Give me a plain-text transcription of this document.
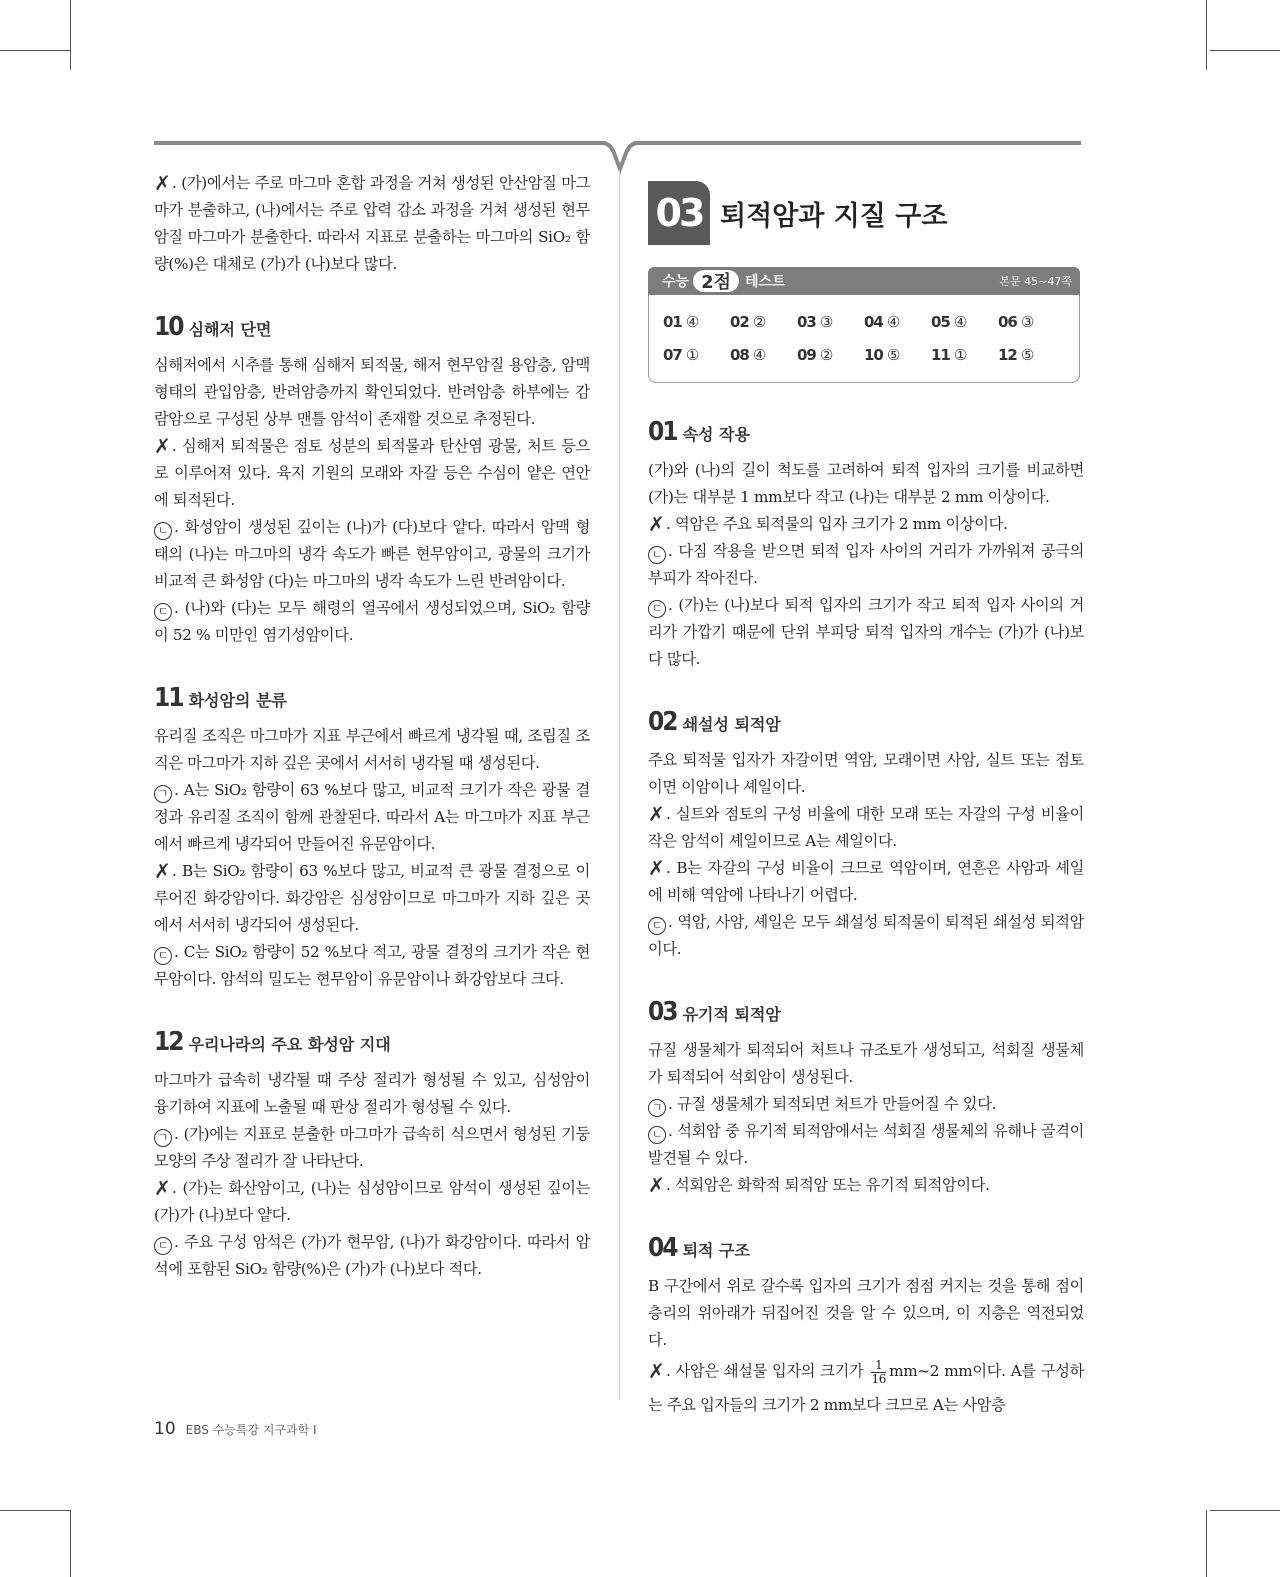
✗ . (가)에서는 주로 마그마 혼합 과정을 거쳐 생성된 안산암질 마그마가 분출하고, (나)에서는 주로 압력 감소 과정을 거쳐 생성된 현무암질 마그마가 분출한다. 따라서 지표로 분출하는 마그마의 SiO₂ 함량(%)은 대체로 (가)가 (나)보다 많다.

10 심해저 단면

심해저에서 시추를 통해 심해저 퇴적물, 해저 현무암질 용암층, 암맥 형태의 관입암층, 반려암층까지 확인되었다. 반려암층 하부에는 감람암으로 구성된 상부 맨틀 암석이 존재할 것으로 추정된다.

✗ . 심해저 퇴적물은 점토 성분의 퇴적물과 탄산염 광물, 처트 등으로 이루어져 있다. 육지 기원의 모래와 자갈 등은 수심이 얕은 연안에 퇴적된다.

ㄴ . 화성암이 생성된 깊이는 (나)가 (다)보다 얕다. 따라서 암맥 형태의 (나)는 마그마의 냉각 속도가 빠른 현무암이고, 광물의 크기가 비교적 큰 화성암 (다)는 마그마의 냉각 속도가 느린 반려암이다.

ㄷ . (나)와 (다)는 모두 해령의 열곡에서 생성되었으며, SiO₂ 함량이 52 % 미만인 염기성암이다.

11 화성암의 분류

유리질 조직은 마그마가 지표 부근에서 빠르게 냉각될 때, 조립질 조직은 마그마가 지하 깊은 곳에서 서서히 냉각될 때 생성된다.

ㄱ . A는 SiO₂ 함량이 63 %보다 많고, 비교적 크기가 작은 광물 결정과 유리질 조직이 함께 관찰된다. 따라서 A는 마그마가 지표 부근에서 빠르게 냉각되어 만들어진 유문암이다.

✗ . B는 SiO₂ 함량이 63 %보다 많고, 비교적 큰 광물 결정으로 이루어진 화강암이다. 화강암은 심성암이므로 마그마가 지하 깊은 곳에서 서서히 냉각되어 생성된다.

ㄷ . C는 SiO₂ 함량이 52 %보다 적고, 광물 결정의 크기가 작은 현무암이다. 암석의 밀도는 현무암이 유문암이나 화강암보다 크다.

12 우리나라의 주요 화성암 지대

마그마가 급속히 냉각될 때 주상 절리가 형성될 수 있고, 심성암이 융기하여 지표에 노출될 때 판상 절리가 형성될 수 있다.

ㄱ . (가)에는 지표로 분출한 마그마가 급속히 식으면서 형성된 기둥 모양의 주상 절리가 잘 나타난다.

✗ . (가)는 화산암이고, (나)는 심성암이므로 암석이 생성된 깊이는 (가)가 (나)보다 얕다.

ㄷ . 주요 구성 암석은 (가)가 현무암, (나)가 화강암이다. 따라서 암석에 포함된 SiO₂ 함량(%)은 (가)가 (나)보다 적다.

03 퇴적암과 지질 구조
수능 2점 테스트	본문 45~47쪽
01 ④ 02 ② 03 ③ 04 ④ 05 ④ 06 ③
07 ① 08 ④ 09 ② 10 ⑤ 11 ① 12 ⑤
01 속성 작용

(가)와 (나)의 길이 척도를 고려하여 퇴적 입자의 크기를 비교하면 (가)는 대부분 1 mm보다 작고 (나)는 대부분 2 mm 이상이다.

✗ . 역암은 주요 퇴적물의 입자 크기가 2 mm 이상이다.

ㄴ . 다짐 작용을 받으면 퇴적 입자 사이의 거리가 가까워져 공극의 부피가 작아진다.

ㄷ . (가)는 (나)보다 퇴적 입자의 크기가 작고 퇴적 입자 사이의 거리가 가깝기 때문에 단위 부피당 퇴적 입자의 개수는 (가)가 (나)보다 많다.

02 쇄설성 퇴적암

주요 퇴적물 입자가 자갈이면 역암, 모래이면 사암, 실트 또는 점토이면 이암이나 셰일이다.

✗ . 실트와 점토의 구성 비율에 대한 모래 또는 자갈의 구성 비율이 작은 암석이 셰일이므로 A는 셰일이다.

✗ . B는 자갈의 구성 비율이 크므로 역암이며, 연흔은 사암과 셰일에 비해 역암에 나타나기 어렵다.

ㄷ . 역암, 사암, 셰일은 모두 쇄설성 퇴적물이 퇴적된 쇄설성 퇴적암이다.

03 유기적 퇴적암

규질 생물체가 퇴적되어 처트나 규조토가 생성되고, 석회질 생물체가 퇴적되어 석회암이 생성된다.

ㄱ . 규질 생물체가 퇴적되면 처트가 만들어질 수 있다.

ㄴ . 석회암 중 유기적 퇴적암에서는 석회질 생물체의 유해나 골격이 발견될 수 있다.

✗ . 석회암은 화학적 퇴적암 또는 유기적 퇴적암이다.

04 퇴적 구조

B 구간에서 위로 갈수록 입자의 크기가 점점 커지는 것을 통해 점이 층리의 위아래가 뒤집어진 것을 알 수 있으며, 이 지층은 역전되었다.

✗ . 사암은 쇄설물 입자의 크기가 $\frac{1}{16}$ mm~2 mm이다. A를 구성하는 주요 입자들의 크기가 2 mm보다 크므로 A는 사암층

10 EBS 수능특강 지구과학 Ⅰ
